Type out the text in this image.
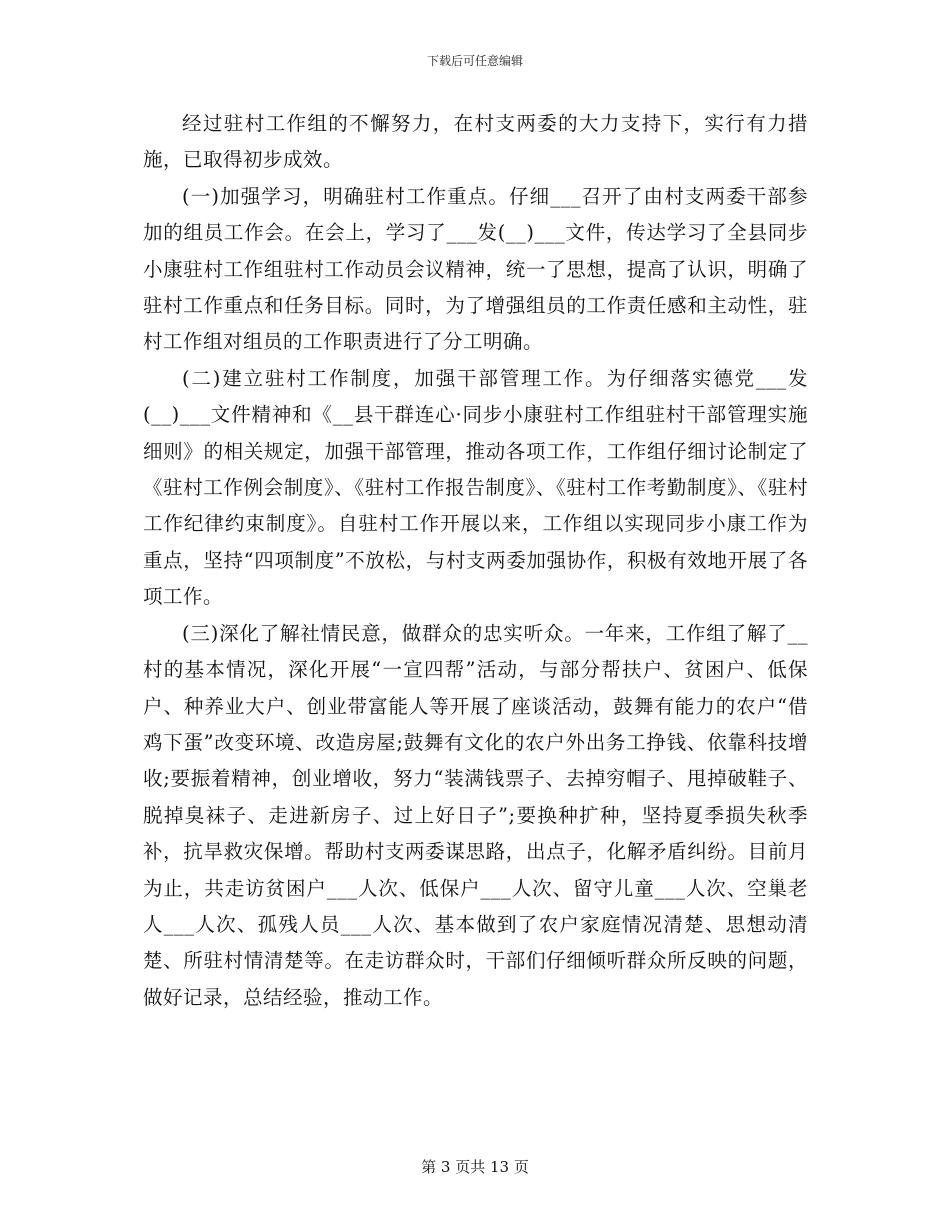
下载后可任意编辑

经过驻村工作组的不懈努力，在村支两委的大力支持下，实行有力措施，已取得初步成效。

(一)加强学习，明确驻村工作重点。仔细___召开了由村支两委干部参加的组员工作会。在会上，学习了___发(__)___文件，传达学习了全县同步小康驻村工作组驻村工作动员会议精神，统一了思想，提高了认识，明确了驻村工作重点和任务目标。同时，为了增强组员的工作责任感和主动性，驻村工作组对组员的工作职责进行了分工明确。

(二)建立驻村工作制度，加强干部管理工作。为仔细落实德党___发(__)___文件精神和《__县干群连心·同步小康驻村工作组驻村干部管理实施细则》的相关规定，加强干部管理，推动各项工作，工作组仔细讨论制定了《驻村工作例会制度》、《驻村工作报告制度》、《驻村工作考勤制度》、《驻村工作纪律约束制度》。自驻村工作开展以来，工作组以实现同步小康工作为重点，坚持“四项制度”不放松，与村支两委加强协作，积极有效地开展了各项工作。

(三)深化了解社情民意，做群众的忠实听众。一年来，工作组了解了__村的基本情况，深化开展“一宣四帮”活动，与部分帮扶户、贫困户、低保户、种养业大户、创业带富能人等开展了座谈活动，鼓舞有能力的农户“借鸡下蛋”改变环境、改造房屋;鼓舞有文化的农户外出务工挣钱、依靠科技增收;要振着精神，创业增收，努力“装满钱票子、去掉穷帽子、甩掉破鞋子、脱掉臭袜子、走进新房子、过上好日子”;要换种扩种，坚持夏季损失秋季补，抗旱救灾保增。帮助村支两委谋思路，出点子，化解矛盾纠纷。目前月为止，共走访贫困户___人次、低保户___人次、留守儿童___人次、空巢老人___人次、孤残人员___人次、基本做到了农户家庭情况清楚、思想动清楚、所驻村情清楚等。在走访群众时，干部们仔细倾听群众所反映的问题，做好记录，总结经验，推动工作。

第 3 页共 13 页
